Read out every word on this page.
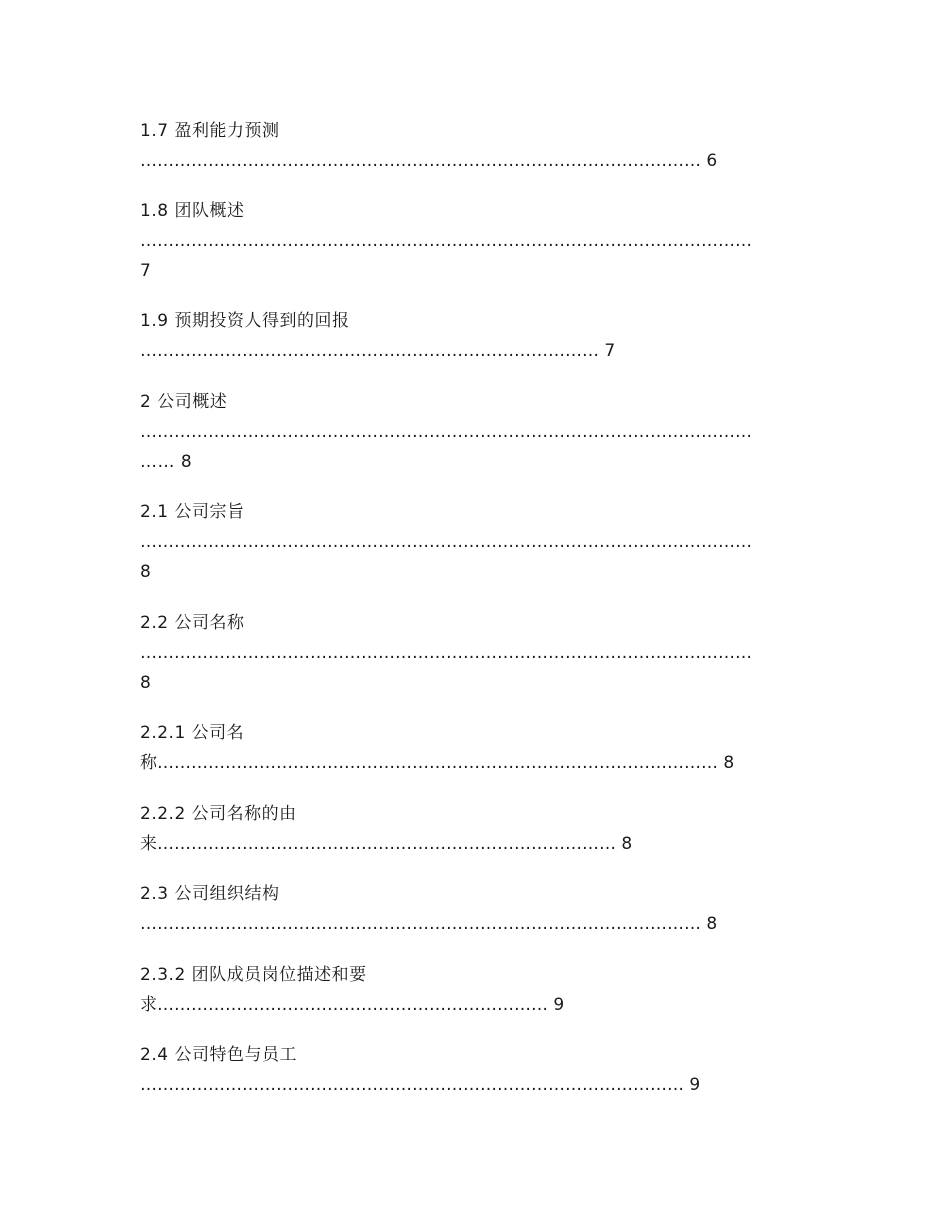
1.7 盈利能力预测
……………………………………………………………………………………… 6
1.8 团队概述
………………………………………………………………………………………………
7
1.9 预期投资人得到的回报
……………………………………………………………………… 7
2 公司概述
………………………………………………………………………………………………
…… 8
2.1 公司宗旨
………………………………………………………………………………………………
8
2.2 公司名称
………………………………………………………………………………………………
8
2.2.1 公司名
称……………………………………………………………………………………… 8
2.2.2 公司名称的由
来……………………………………………………………………… 8
2.3 公司组织结构
……………………………………………………………………………………… 8
2.3.2 团队成员岗位描述和要
求…………………………………………………………… 9
2.4 公司特色与员工
…………………………………………………………………………………… 9
